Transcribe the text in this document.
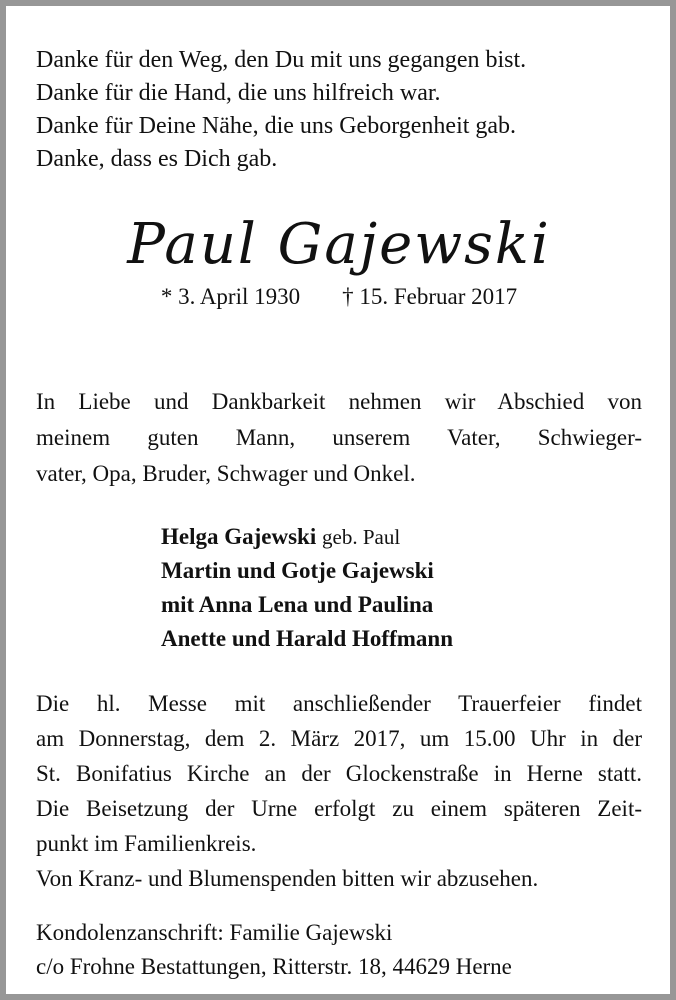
Danke für den Weg, den Du mit uns gegangen bist.
Danke für die Hand, die uns hilfreich war.
Danke für Deine Nähe, die uns Geborgenheit gab.
Danke, dass es Dich gab.
Paul Gajewski
* 3. April 1930 † 15. Februar 2017
In Liebe und Dankbarkeit nehmen wir Abschied von
meinem guten Mann, unserem Vater, Schwieger-
vater, Opa, Bruder, Schwager und Onkel.
Helga Gajewski geb. Paul
Martin und Gotje Gajewski
mit Anna Lena und Paulina
Anette und Harald Hoffmann
Die hl. Messe mit anschließender Trauerfeier findet
am Donnerstag, dem 2. März 2017, um 15.00 Uhr in der
St. Bonifatius Kirche an der Glockenstraße in Herne statt.
Die Beisetzung der Urne erfolgt zu einem späteren Zeit-
punkt im Familienkreis.
Von Kranz- und Blumenspenden bitten wir abzusehen.
Kondolenzanschrift: Familie Gajewski
c/o Frohne Bestattungen, Ritterstr. 18, 44629 Herne
